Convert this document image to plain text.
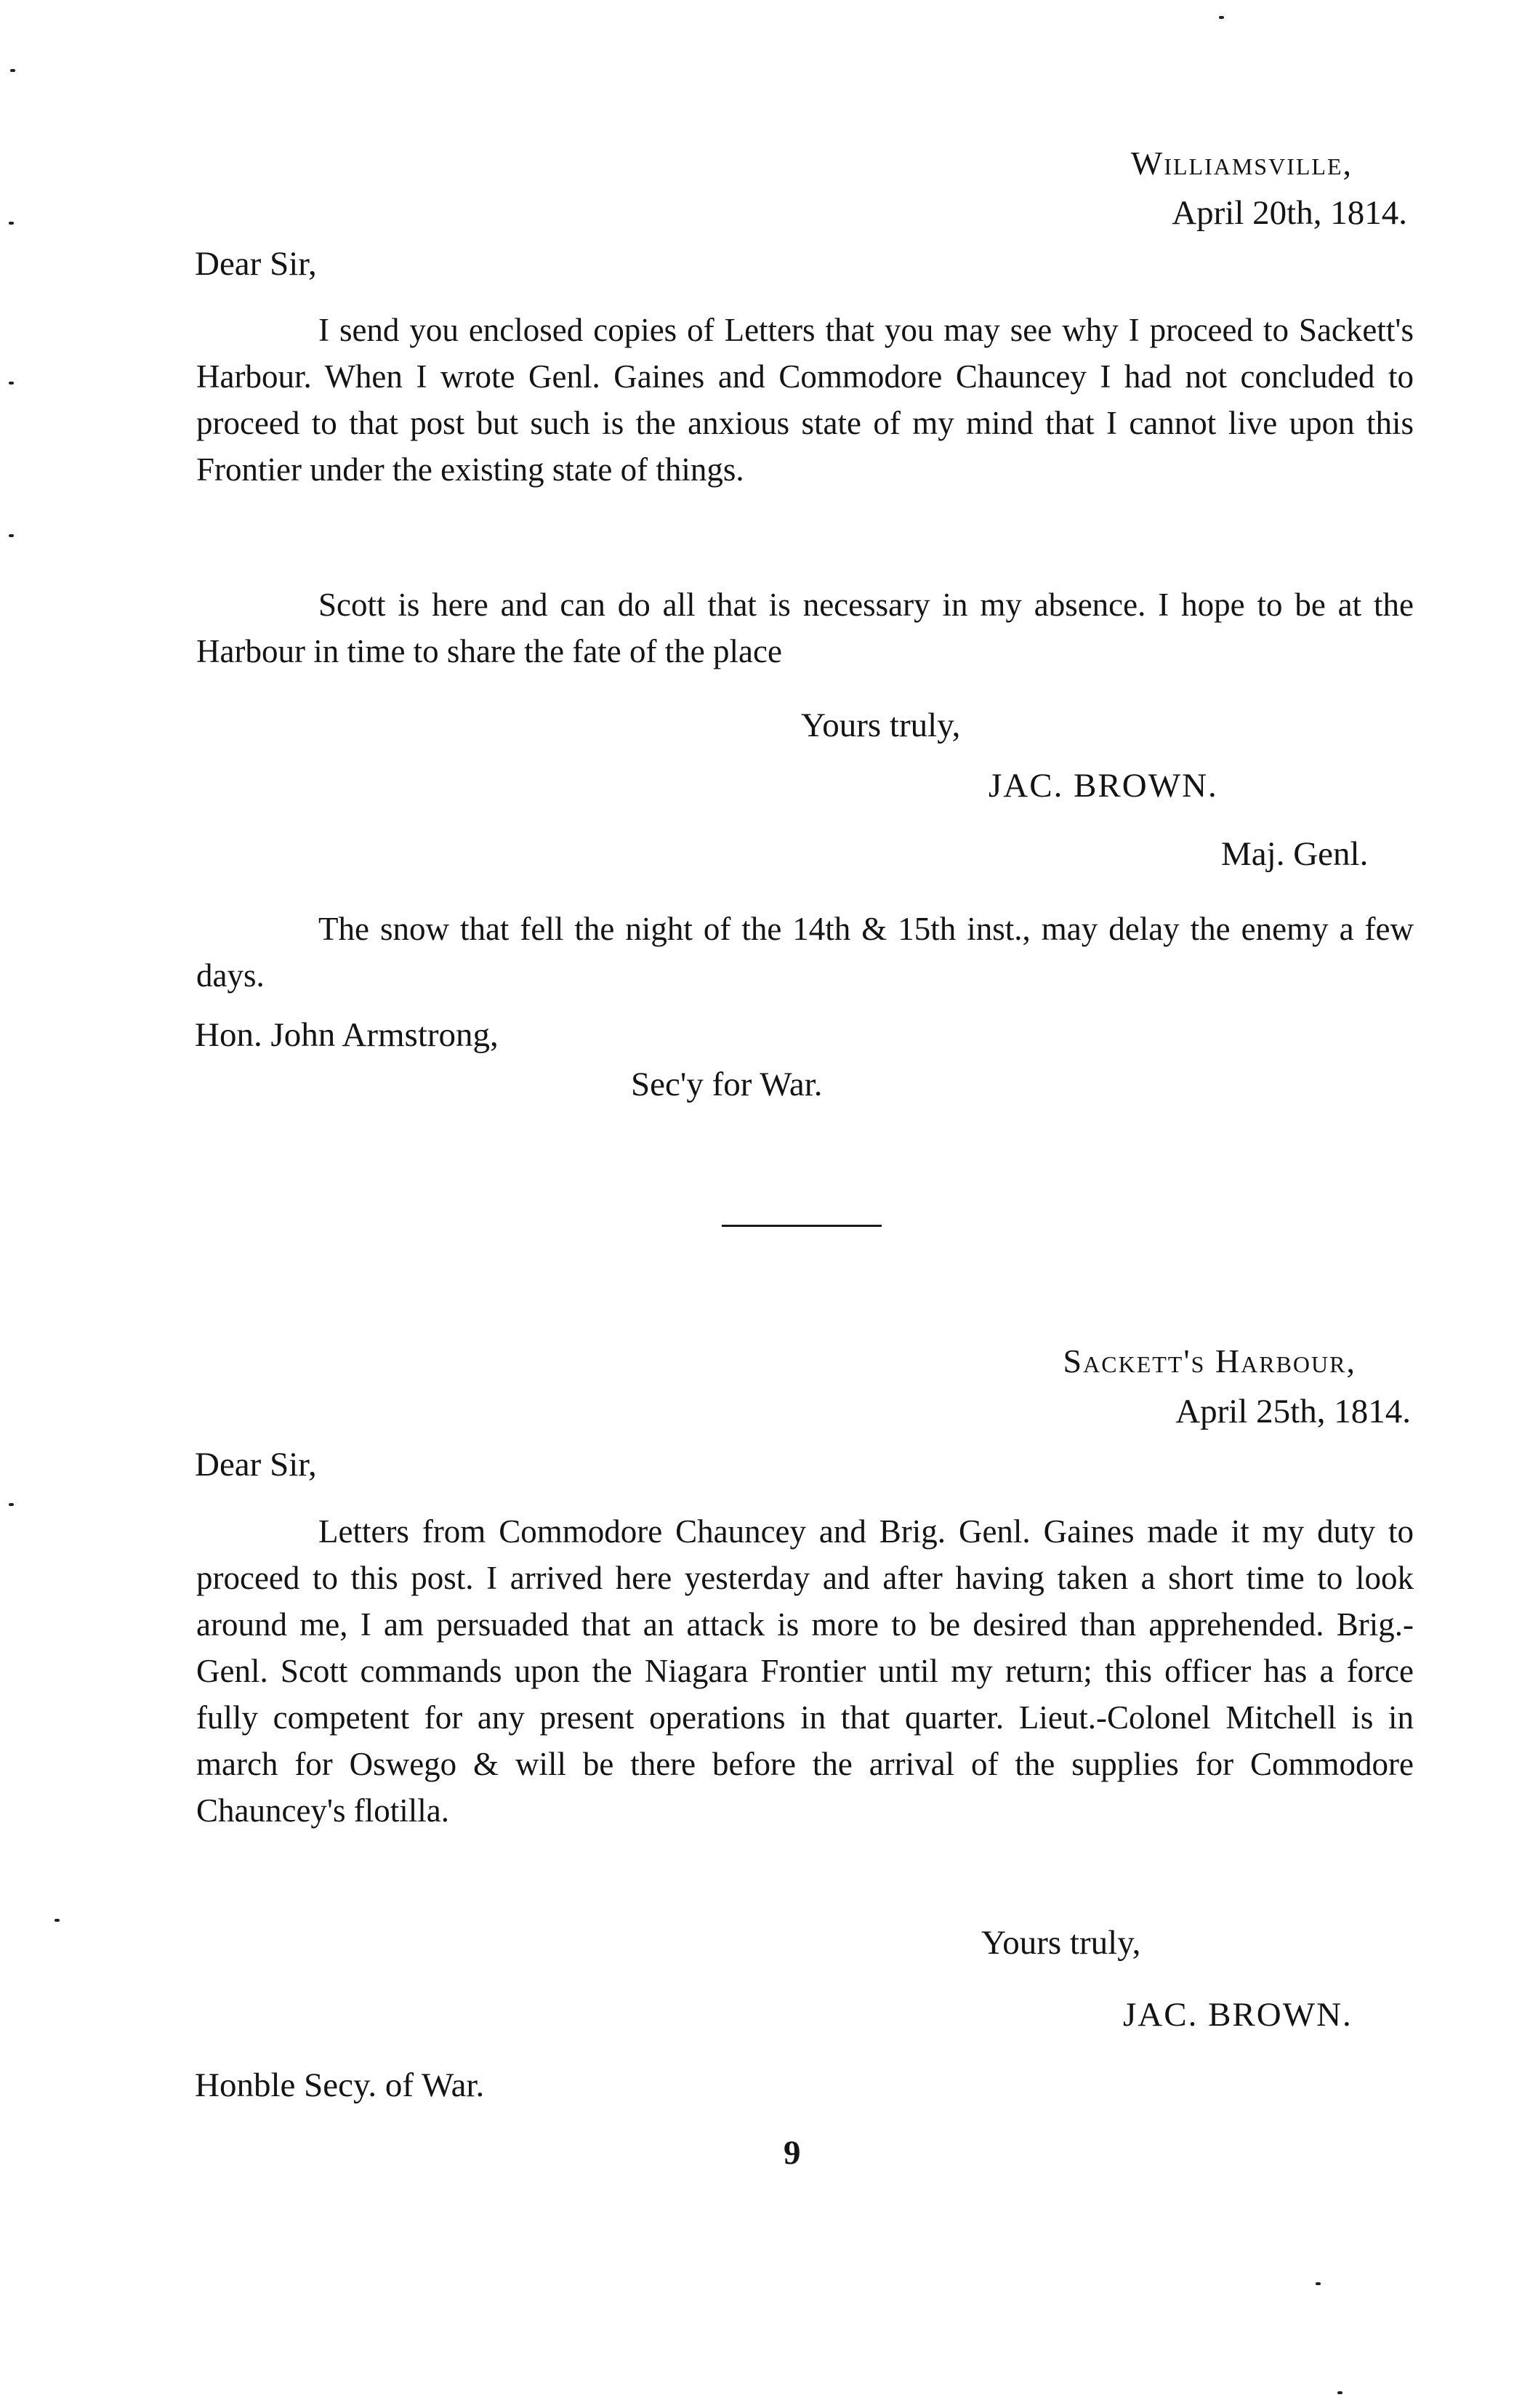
Williamsville,
April 20th, 1814.
Dear Sir,
I send you enclosed copies of Letters that you may see why I proceed to Sackett's Harbour. When I wrote Genl. Gaines and Commodore Chauncey I had not concluded to proceed to that post but such is the anxious state of my mind that I cannot live upon this Frontier under the existing state of things.
Scott is here and can do all that is necessary in my absence. I hope to be at the Harbour in time to share the fate of the place
Yours truly,
JAC. BROWN.
Maj. Genl.
The snow that fell the night of the 14th & 15th inst., may delay the enemy a few days.
Hon. John Armstrong,
Sec'y for War.
Sackett's Harbour,
April 25th, 1814.
Dear Sir,
Letters from Commodore Chauncey and Brig. Genl. Gaines made it my duty to proceed to this post. I arrived here yesterday and after having taken a short time to look around me, I am persuaded that an attack is more to be desired than apprehended. Brig.-Genl. Scott commands upon the Niagara Frontier until my return; this officer has a force fully competent for any present operations in that quarter. Lieut.-Colonel Mitchell is in march for Oswego & will be there before the arrival of the supplies for Commodore Chauncey's flotilla.
Yours truly,
JAC. BROWN.
Honble Secy. of War.
9
